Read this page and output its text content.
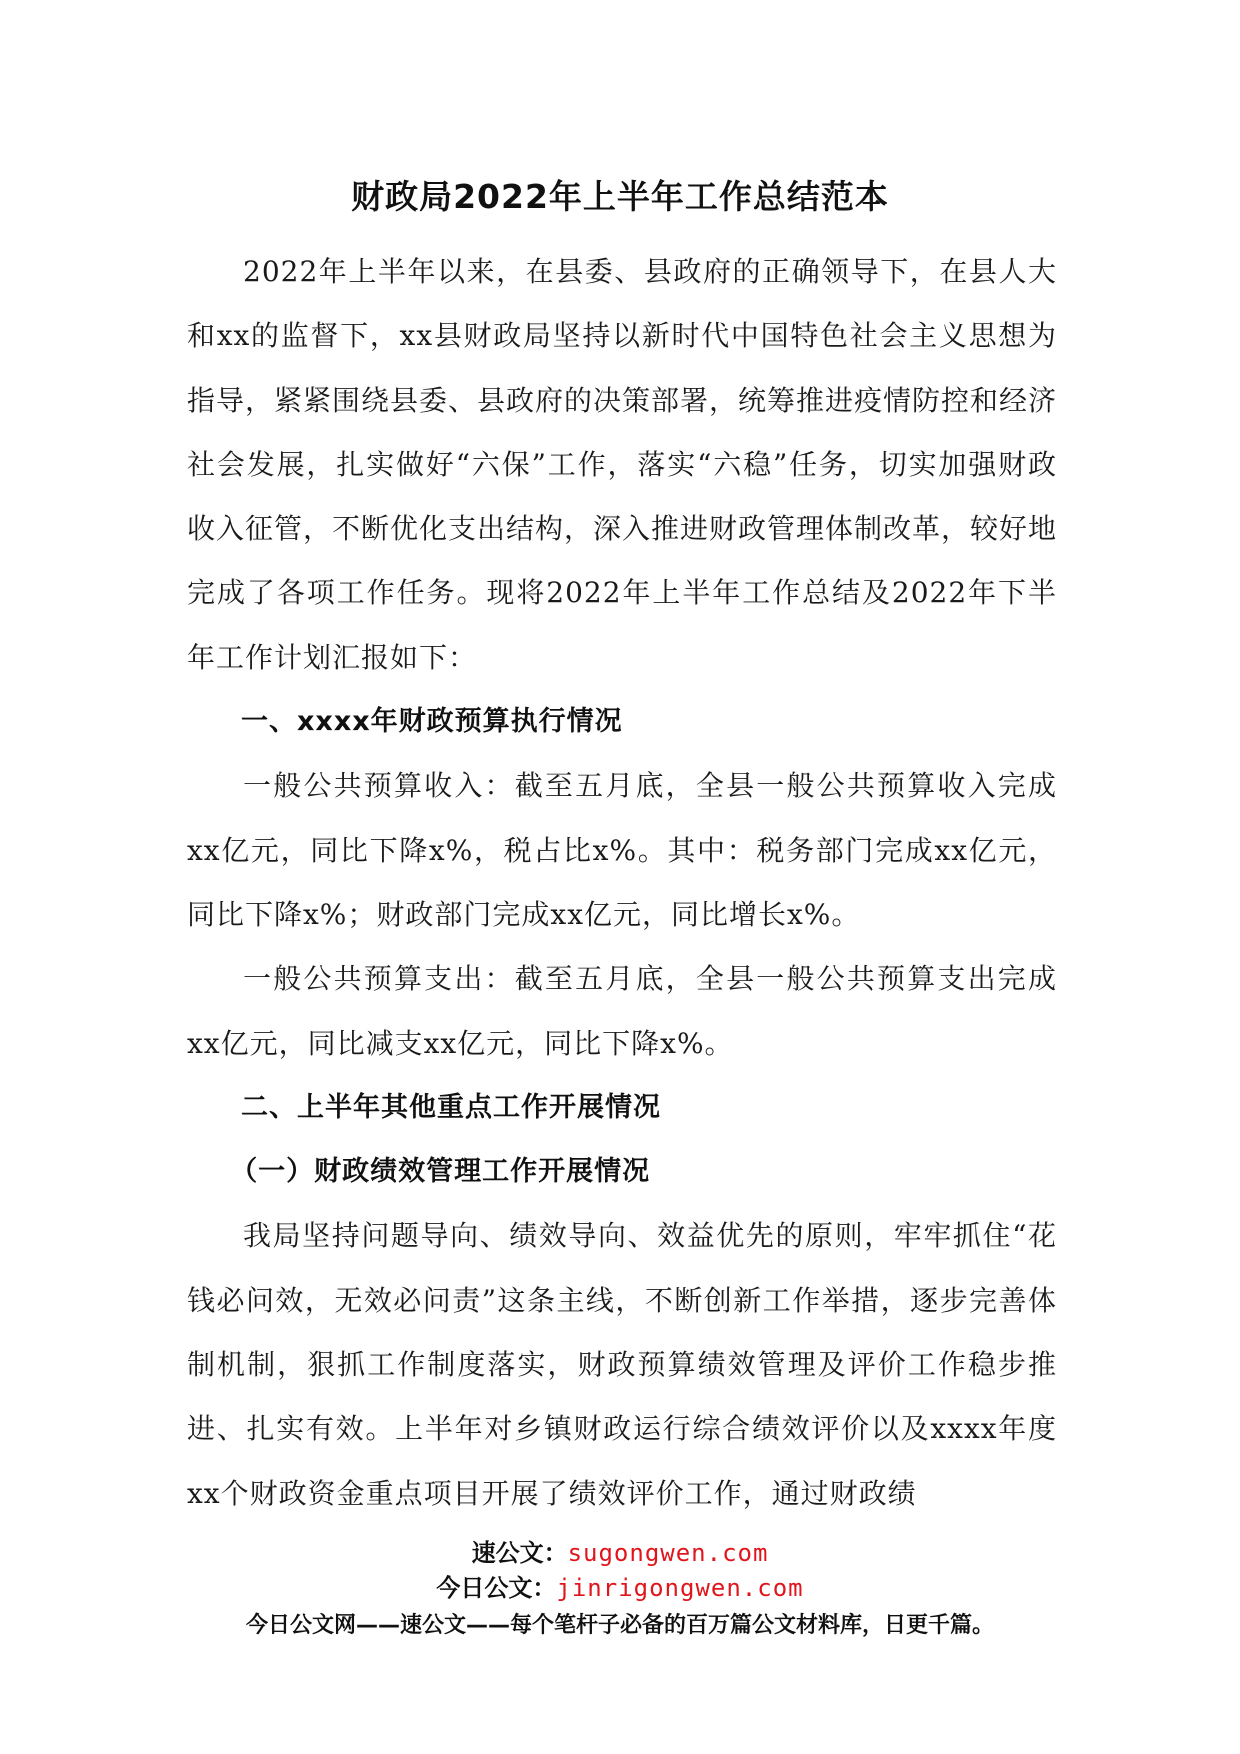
财政局2022年上半年工作总结范本

2022年上半年以来，在县委、县政府的正确领导下，在县人大和xx的监督下，xx县财政局坚持以新时代中国特色社会主义思想为指导，紧紧围绕县委、县政府的决策部署，统筹推进疫情防控和经济社会发展，扎实做好“六保”工作，落实“六稳”任务，切实加强财政收入征管，不断优化支出结构，深入推进财政管理体制改革，较好地完成了各项工作任务。现将2022年上半年工作总结及2022年下半年工作计划汇报如下：

一、xxxx年财政预算执行情况

一般公共预算收入：截至五月底，全县一般公共预算收入完成xx亿元，同比下降x%，税占比x%。其中：税务部门完成xx亿元，同比下降x%；财政部门完成xx亿元，同比增长x%。

一般公共预算支出：截至五月底，全县一般公共预算支出完成xx亿元，同比减支xx亿元，同比下降x%。

二、上半年其他重点工作开展情况
（一）财政绩效管理工作开展情况

我局坚持问题导向、绩效导向、效益优先的原则，牢牢抓住“花钱必问效，无效必问责”这条主线，不断创新工作举措，逐步完善体制机制，狠抓工作制度落实，财政预算绩效管理及评价工作稳步推进、扎实有效。上半年对乡镇财政运行综合绩效评价以及xxxx年度xx个财政资金重点项目开展了绩效评价工作，通过财政绩

速公文：sugongwen.com
今日公文：jinrigongwen.com
今日公文网——速公文——每个笔杆子必备的百万篇公文材料库，日更千篇。
